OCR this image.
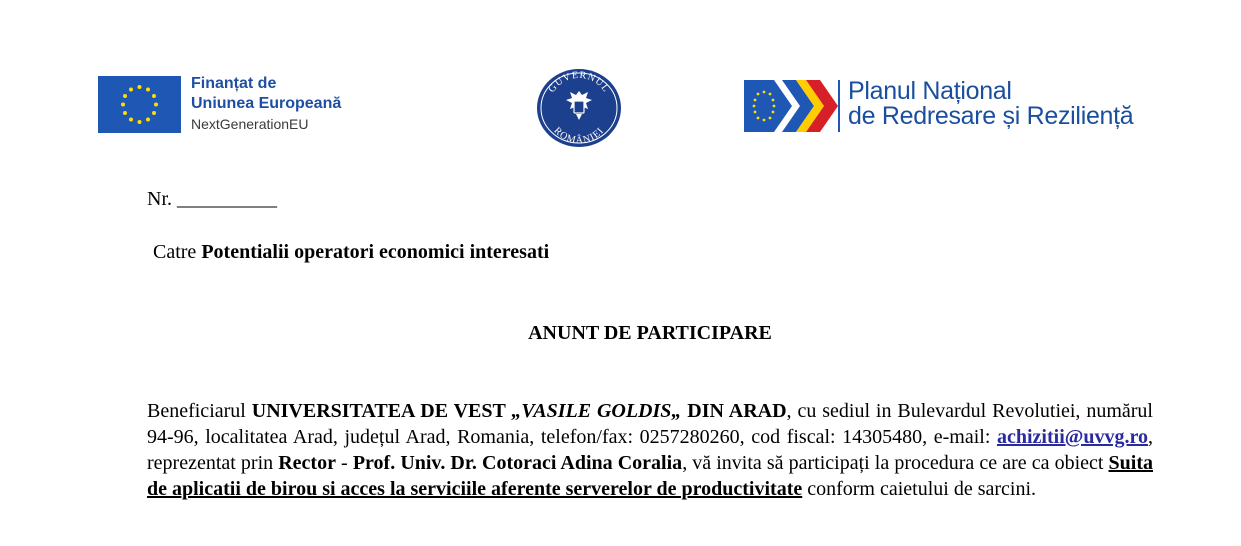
Finanțat de
Uniunea Europeană
NextGenerationEU
GUVERNUL
ROMÂNIEI
Planul Național
de Redresare și Reziliență
Nr. __________
Catre Potentialii operatori economici interesati
ANUNT DE PARTICIPARE
Beneficiarul UNIVERSITATEA DE VEST „VASILE GOLDIS„ DIN ARAD, cu sediul in Bulevardul Revolutiei, numărul 94-96, localitatea Arad, județul Arad, Romania, telefon/fax: 0257280260, cod fiscal: 14305480, e-mail: achizitii@uvvg.ro, reprezentat prin Rector - Prof. Univ. Dr. Cotoraci Adina Coralia, vă invita să participați la procedura ce are ca obiect Suita de aplicatii de birou si acces la serviciile aferente serverelor de productivitate conform caietului de sarcini.
